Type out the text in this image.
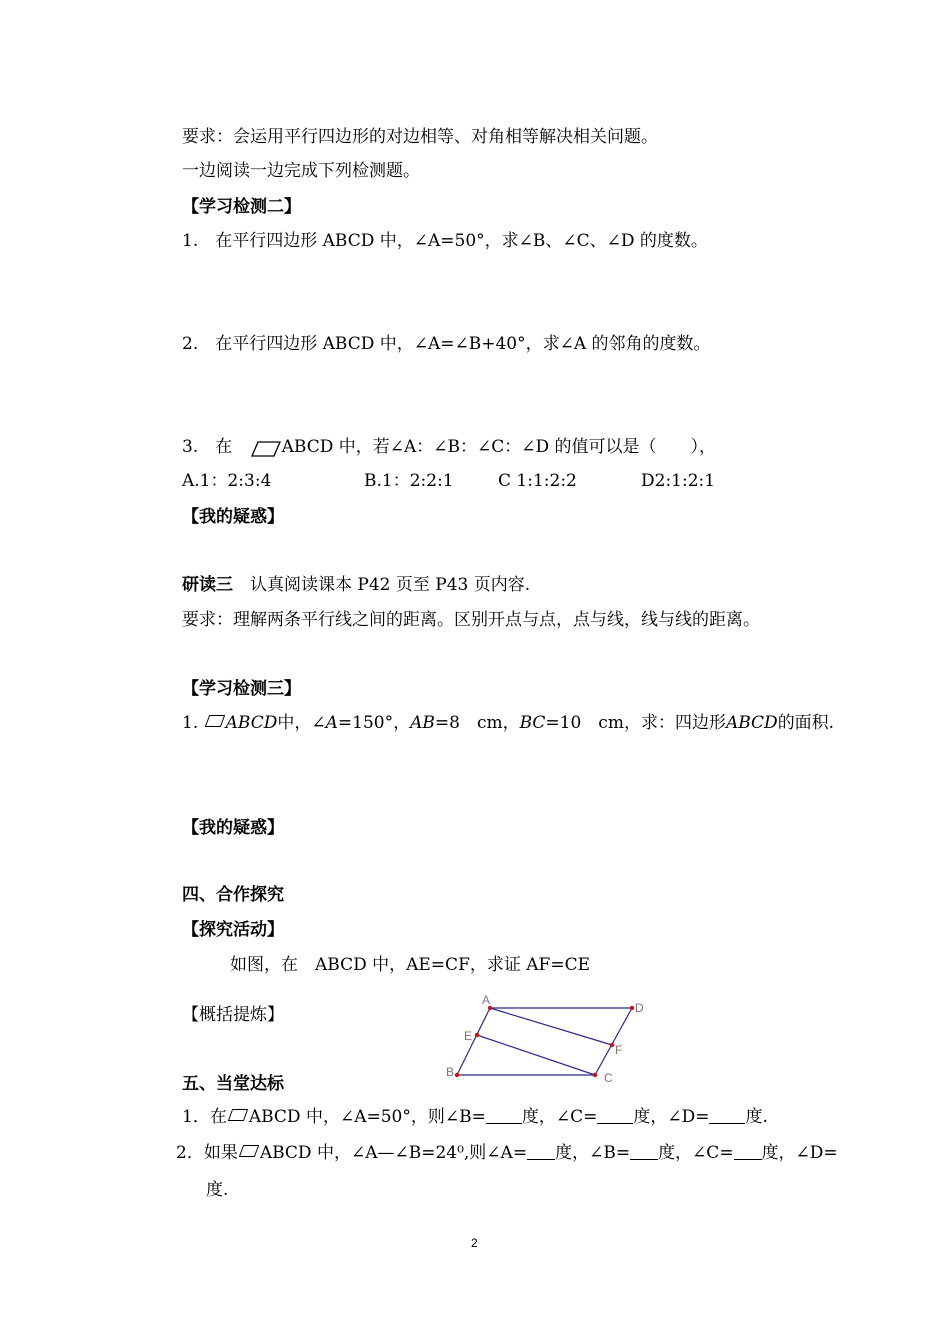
要求：会运用平行四边形的对边相等、对角相等解决相关问题。
一边阅读一边完成下列检测题。
【学习检测二】
1.　在平行四边形 ABCD 中，∠A=50°，求∠B、∠C、∠D 的度数。
2.　在平行四边形 ABCD 中，∠A=∠B+40°，求∠A 的邻角的度数。
3.　在	ABCD 中，若∠A：∠B：∠C：∠D 的值可以是（　　），
A.1：2:3:4	B.1：2:2:1	C 1:1:2:2	D2:1:2:1
【我的疑惑】
研读三　认真阅读课本 P42 页至 P43 页内容.
要求：理解两条平行线之间的距离。区别开点与点，点与线，线与线的距离。
【学习检测三】
1. ABCD中，∠A=150°，AB=8　cm，BC=10　cm，求：四边形ABCD的面积.
【我的疑惑】
四、合作探究
【探究活动】
如图，在　ABCD 中，AE=CF，求证 AF=CE
【概括提炼】
A
D
E
F
B	C
五、当堂达标
1．在 ABCD 中，∠A=50°，则∠B= 度，∠C= 度，∠D= 度.
2．如果 ABCD 中，∠A—∠B=24⁰,则∠A= 度，∠B= 度，∠C= 度，∠D=
度.
2
